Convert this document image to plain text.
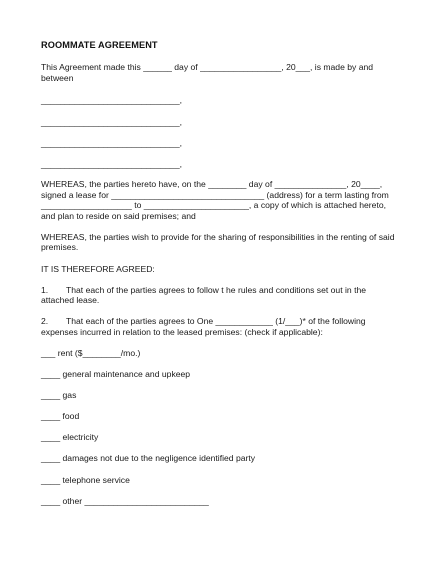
ROOMMATE AGREEMENT
This Agreement made this ______ day of _________________, 20___, is made by and
between
_____________________________,
_____________________________,
_____________________________,
_____________________________,
WHEREAS, the parties hereto have, on the ________ day of _______________, 20____,
signed a lease for ________________________________ (address) for a term lasting from
___________________ to ______________________, a copy of which is attached hereto,
and plan to reside on said premises; and
WHEREAS, the parties wish to provide for the sharing of responsibilities in the renting of said
premises.
IT IS THEREFORE AGREED:
1. That each of the parties agrees to follow t he rules and conditions set out in the
attached lease.
2. That each of the parties agrees to One ____________ (1/___)* of the following
expenses incurred in relation to the leased premises: (check if applicable):
___ rent ($________/mo.)
____ general maintenance and upkeep
____ gas
____ food
____ electricity
____ damages not due to the negligence identified party
____ telephone service
____ other __________________________
